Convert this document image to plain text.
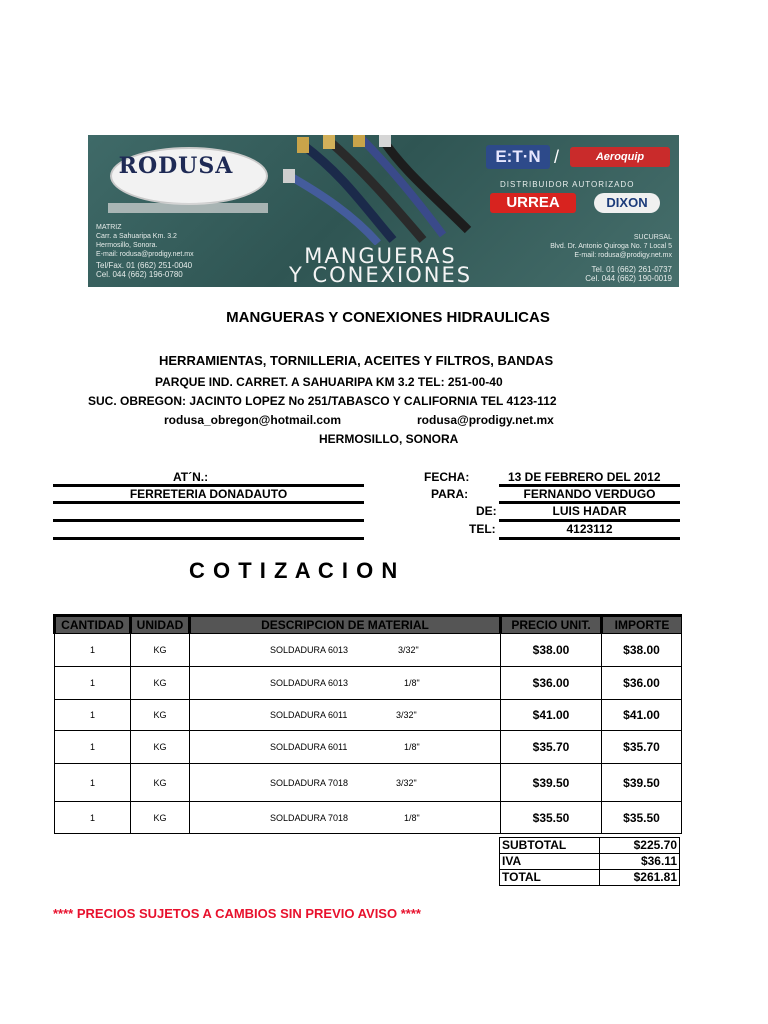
RODUSA
MATRIZ
Carr. a Sahuaripa Km. 3.2
Hermosillo, Sonora.
E-mail: rodusa@prodigy.net.mx
Tel/Fax. 01 (662) 251-0040
Cel. 044 (662) 196-0780
MANGUERAS
Y CONEXIONES
E:T·N /	Aeroquip
DISTRIBUIDOR AUTORIZADO
URREA	DIXON
SUCURSAL
Blvd. Dr. Antonio Quiroga No. 7 Local 5
E-mail: rodusa@prodigy.net.mx
Tel. 01 (662) 261-0737
Cel. 044 (662) 190-0019
MANGUERAS Y CONEXIONES HIDRAULICAS
HERRAMIENTAS, TORNILLERIA, ACEITES Y FILTROS, BANDAS
PARQUE IND. CARRET. A SAHUARIPA KM 3.2 TEL: 251-00-40
SUC. OBREGON: JACINTO LOPEZ No 251/TABASCO Y CALIFORNIA TEL 4123-112
rodusa_obregon@hotmail.com	rodusa@prodigy.net.mx
HERMOSILLO, SONORA
AT´N.:
FERRETERIA DONADAUTO
FECHA:	13 DE FEBRERO DEL 2012
PARA:	FERNANDO VERDUGO
DE:	LUIS HADAR
TEL:	4123112
C O T I Z A C I O N
CANTIDAD	UNIDAD	DESCRIPCION DE MATERIAL	PRECIO UNIT.	IMPORTE
1	KG	SOLDADURA 6013 3/32"	$38.00	$38.00
1	KG	SOLDADURA 6013 1/8"	$36.00	$36.00
1	KG	SOLDADURA 6011 3/32"	$41.00	$41.00
1	KG	SOLDADURA 6011 1/8"	$35.70	$35.70
1	KG	SOLDADURA 7018 3/32"	$39.50	$39.50
1	KG	SOLDADURA 7018 1/8"	$35.50	$35.50
SUBTOTAL	$225.70
IVA	$36.11
TOTAL	$261.81
**** PRECIOS SUJETOS A CAMBIOS SIN PREVIO AVISO ****
